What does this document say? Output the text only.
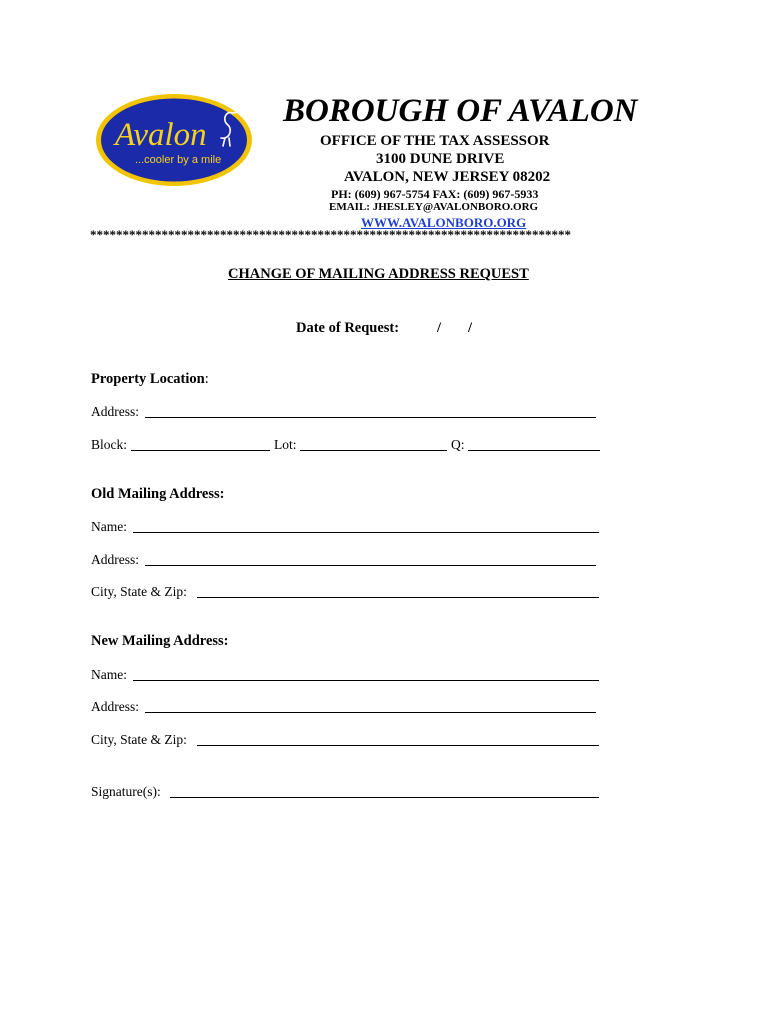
Avalon
...cooler by a mile
BOROUGH OF AVALON
OFFICE OF THE TAX ASSESSOR
3100 DUNE DRIVE
AVALON, NEW JERSEY 08202
PH: (609) 967-5754 FAX: (609) 967-5933
EMAIL: JHESLEY@AVALONBORO.ORG
WWW.AVALONBORO.ORG
**************************************************************************
CHANGE OF MAILING ADDRESS REQUEST
Date of Request:	/ /
Property Location:
Address:
Block:	Lot:	Q:
Old Mailing Address:
Name:
Address:
City, State & Zip:
New Mailing Address:
Name:
Address:
City, State & Zip:
Signature(s):
